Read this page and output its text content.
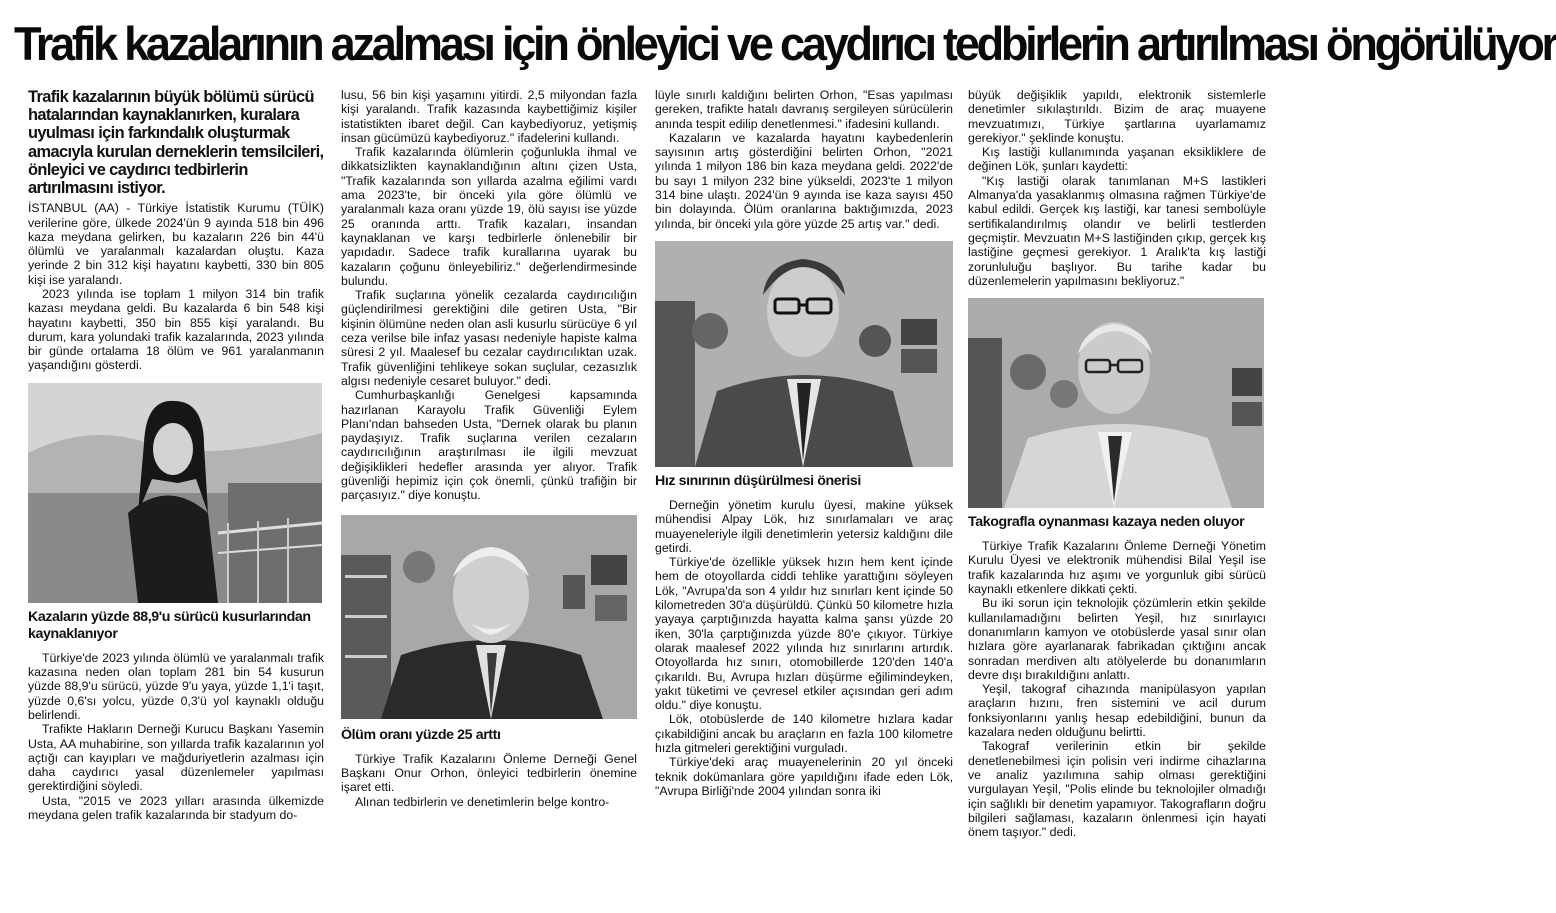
Trafik kazalarının azalması için önleyici ve caydırıcı tedbirlerin artırılması öngörülüyor
Trafik kazalarının büyük bölümü sürücü hatalarından kaynaklanırken, kuralara uyulması için farkındalık oluşturmak amacıyla kurulan derneklerin temsilcileri, önleyici ve caydırıcı tedbirlerin artırılmasını istiyor.

İSTANBUL (AA) - Türkiye İstatistik Kurumu (TÜİK) verilerine göre, ülkede 2024'ün 9 ayında 518 bin 496 kaza meydana gelirken, bu kazaların 226 bin 44'ü ölümlü ve yaralanmalı kazalardan oluştu. Kaza yerinde 2 bin 312 kişi hayatını kaybetti, 330 bin 805 kişi ise yaralandı.

2023 yılında ise toplam 1 milyon 314 bin trafik kazası meydana geldi. Bu kazalarda 6 bin 548 kişi hayatını kaybetti, 350 bin 855 kişi yaralandı. Bu durum, kara yolundaki trafik kazalarında, 2023 yılında bir günde ortalama 18 ölüm ve 961 yaralanmanın yaşandığını gösterdi.

Kazaların yüzde 88,9'u sürücü kusurlarından kaynaklanıyor

Türkiye'de 2023 yılında ölümlü ve yaralanmalı trafik kazasına neden olan toplam 281 bin 54 kusurun yüzde 88,9'u sürücü, yüzde 9'u yaya, yüzde 1,1'i taşıt, yüzde 0,6'sı yolcu, yüzde 0,3'ü yol kaynaklı olduğu belirlendi.

Trafikte Hakların Derneği Kurucu Başkanı Yasemin Usta, AA muhabirine, son yıllarda trafik kazalarının yol açtığı can kayıpları ve mağduriyetlerin azalması için daha caydırıcı yasal düzenlemeler yapılması gerektirdiğini söyledi.

Usta, "2015 ve 2023 yılları arasında ülkemizde meydana gelen trafik kazalarında bir stadyum do-

lusu, 56 bin kişi yaşamını yitirdi. 2,5 milyondan fazla kişi yaralandı. Trafik kazasında kaybettiğimiz kişiler istatistikten ibaret değil. Can kaybediyoruz, yetişmiş insan gücümüzü kaybediyoruz." ifadelerini kullandı.

Trafik kazalarında ölümlerin çoğunlukla ihmal ve dikkatsizlikten kaynaklandığının altını çizen Usta, "Trafik kazalarında son yıllarda azalma eğilimi vardı ama 2023'te, bir önceki yıla göre ölümlü ve yaralanmalı kaza oranı yüzde 19, ölü sayısı ise yüzde 25 oranında arttı. Trafik kazaları, insandan kaynaklanan ve karşı tedbirlerle önlenebilir bir yapıdadır. Sadece trafik kurallarına uyarak bu kazaların çoğunu önleyebiliriz." değerlendirmesinde bulundu.

Trafik suçlarına yönelik cezalarda caydırıcılığın güçlendirilmesi gerektiğini dile getiren Usta, "Bir kişinin ölümüne neden olan asli kusurlu sürücüye 6 yıl ceza verilse bile infaz yasası nedeniyle hapiste kalma süresi 2 yıl. Maalesef bu cezalar caydırıcılıktan uzak. Trafik güvenliğini tehlikeye sokan suçlular, cezasızlık algısı nedeniyle cesaret buluyor." dedi.

Cumhurbaşkanlığı Genelgesi kapsamında hazırlanan Karayolu Trafik Güvenliği Eylem Planı'ndan bahseden Usta, "Dernek olarak bu planın paydaşıyız. Trafik suçlarına verilen cezaların caydırıcılığının araştırılması ile ilgili mevzuat değişiklikleri hedefler arasında yer alıyor. Trafik güvenliği hepimiz için çok önemli, çünkü trafiğin bir parçasıyız." diye konuştu.

Ölüm oranı yüzde 25 arttı

Türkiye Trafik Kazalarını Önleme Derneği Genel Başkanı Onur Orhon, önleyici tedbirlerin önemine işaret etti.

Alınan tedbirlerin ve denetimlerin belge kontro-

lüyle sınırlı kaldığını belirten Orhon, "Esas yapılması gereken, trafikte hatalı davranış sergileyen sürücülerin anında tespit edilip denetlenmesi." ifadesini kullandı.

Kazaların ve kazalarda hayatını kaybedenlerin sayısının artış gösterdiğini belirten Orhon, "2021 yılında 1 milyon 186 bin kaza meydana geldi. 2022'de bu sayı 1 milyon 232 bine yükseldi, 2023'te 1 milyon 314 bine ulaştı. 2024'ün 9 ayında ise kaza sayısı 450 bin dolayında. Ölüm oranlarına baktığımızda, 2023 yılında, bir önceki yıla göre yüzde 25 artış var." dedi.

Hız sınırının düşürülmesi önerisi

Derneğin yönetim kurulu üyesi, makine yüksek mühendisi Alpay Lök, hız sınırlamaları ve araç muayeneleriyle ilgili denetimlerin yetersiz kaldığını dile getirdi.

Türkiye'de özellikle yüksek hızın hem kent içinde hem de otoyollarda ciddi tehlike yarattığını söyleyen Lök, "Avrupa'da son 4 yıldır hız sınırları kent içinde 50 kilometreden 30'a düşürüldü. Çünkü 50 kilometre hızla yayaya çarptığınızda hayatta kalma şansı yüzde 20 iken, 30'la çarptığınızda yüzde 80'e çıkıyor. Türkiye olarak maalesef 2022 yılında hız sınırlarını artırdık. Otoyollarda hız sınırı, otomobillerde 120'den 140'a çıkarıldı. Bu, Avrupa hızları düşürme eğilimindeyken, yakıt tüketimi ve çevresel etkiler açısından geri adım oldu." diye konuştu.

Lök, otobüslerde de 140 kilometre hızlara kadar çıkabildiğini ancak bu araçların en fazla 100 kilometre hızla gitmeleri gerektiğini vurguladı.

Türkiye'deki araç muayenelerinin 20 yıl önceki teknik dokümanlara göre yapıldığını ifade eden Lök, "Avrupa Birliği'nde 2004 yılından sonra iki

büyük değişiklik yapıldı, elektronik sistemlerle denetimler sıkılaştırıldı. Bizim de araç muayene mevzuatımızı, Türkiye şartlarına uyarlamamız gerekiyor." şeklinde konuştu.

Kış lastiği kullanımında yaşanan eksikliklere de değinen Lök, şunları kaydetti:

"Kış lastiği olarak tanımlanan M+S lastikleri Almanya'da yasaklanmış olmasına rağmen Türkiye'de kabul edildi. Gerçek kış lastiği, kar tanesi sembolüyle sertifikalandırılmış olandır ve belirli testlerden geçmiştir. Mevzuatın M+S lastiğinden çıkıp, gerçek kış lastiğine geçmesi gerekiyor. 1 Aralık'ta kış lastiği zorunluluğu başlıyor. Bu tarihe kadar bu düzenlemelerin yapılmasını bekliyoruz."

Takografla oynanması kazaya neden oluyor

Türkiye Trafik Kazalarını Önleme Derneği Yönetim Kurulu Üyesi ve elektronik mühendisi Bilal Yeşil ise trafik kazalarında hız aşımı ve yorgunluk gibi sürücü kaynaklı etkenlere dikkati çekti.

Bu iki sorun için teknolojik çözümlerin etkin şekilde kullanılamadığını belirten Yeşil, hız sınırlayıcı donanımların kamyon ve otobüslerde yasal sınır olan hızlara göre ayarlanarak fabrikadan çıktığını ancak sonradan merdiven altı atölyelerde bu donanımların devre dışı bırakıldığını anlattı.

Yeşil, takograf cihazında manipülasyon yapılan araçların hızını, fren sistemini ve acil durum fonksiyonlarını yanlış hesap edebildiğini, bunun da kazalara neden olduğunu belirtti.

Takograf verilerinin etkin bir şekilde denetlenebilmesi için polisin veri indirme cihazlarına ve analiz yazılımına sahip olması gerektiğini vurgulayan Yeşil, "Polis elinde bu teknolojiler olmadığı için sağlıklı bir denetim yapamıyor. Takografların doğru bilgileri sağlaması, kazaların önlenmesi için hayati önem taşıyor." dedi.
